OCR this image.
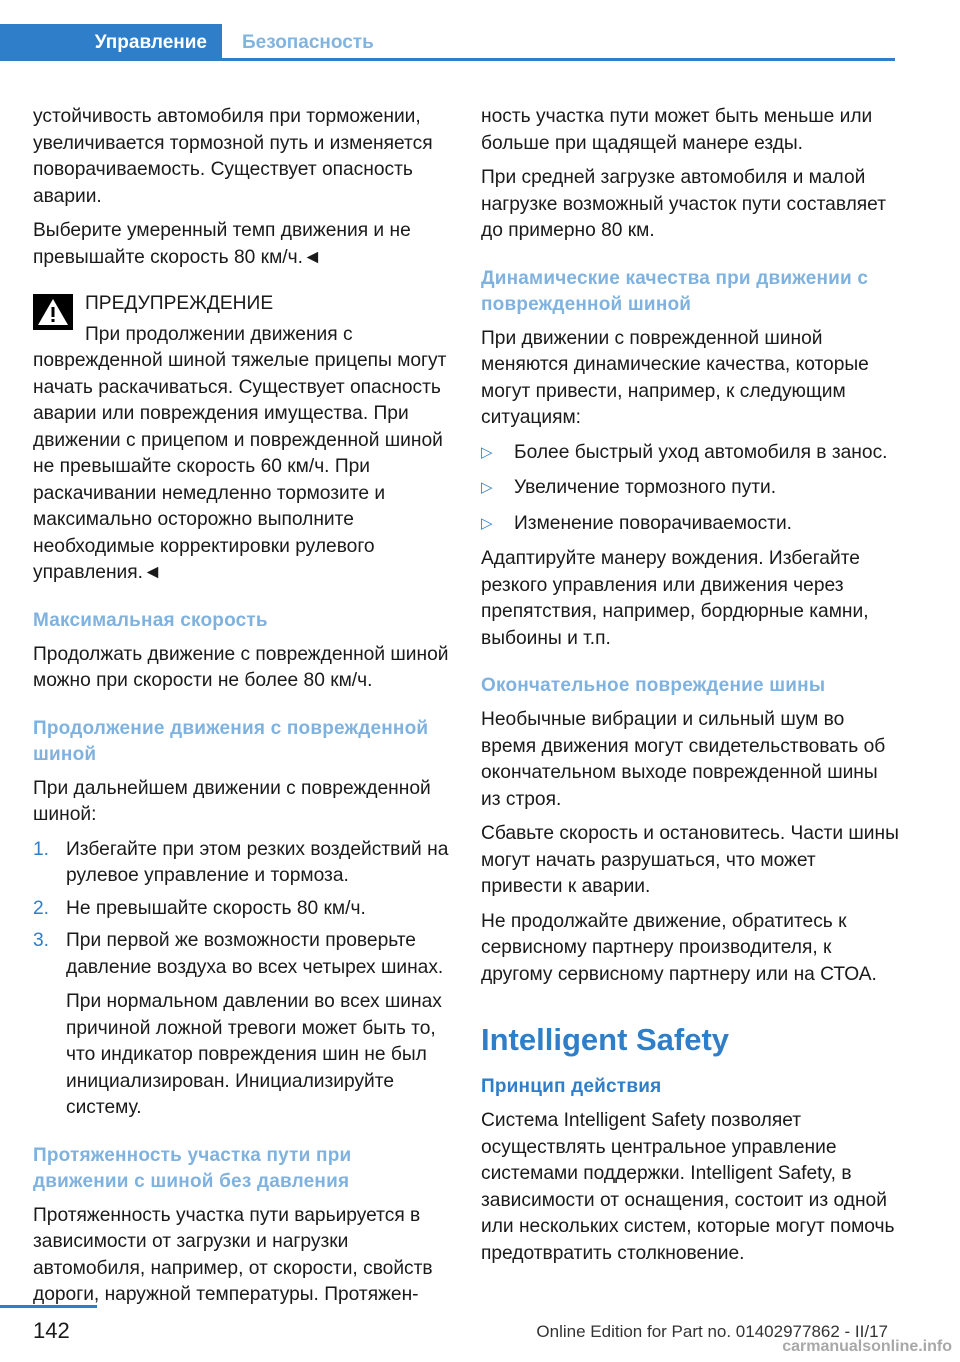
Управление	Безопасность

устойчивость автомобиля при торможении, увеличивается тормозной путь и изменяется поворачиваемость. Существует опасность аварии.

Выберите умеренный темп движения и не превышайте скорость 80 км/ч.◄

ПРЕДУПРЕЖДЕНИЕ

При продолжении движения с поврежденной шиной тяжелые прицепы могут начать раскачиваться. Существует опасность аварии или повреждения имущества. При движении с прицепом и поврежденной шиной не превышайте скорость 60 км/ч. При раскачивании немедленно тормозите и максимально осторожно выполните необходимые корректировки рулевого управления.◄

Максимальная скорость

Продолжать движение с поврежденной шиной можно при скорости не более 80 км/ч.

Продолжение движения с поврежденной шиной

При дальнейшем движении с поврежденной шиной:

1. Избегайте при этом резких воздействий на рулевое управление и тормоза.

2. Не превышайте скорость 80 км/ч.

3. При первой же возможности проверьте давление воздуха во всех четырех шинах.

При нормальном давлении во всех шинах причиной ложной тревоги может быть то, что индикатор повреждения шин не был инициализирован. Инициализируйте систему.

Протяженность участка пути при движении с шиной без давления

Протяженность участка пути варьируется в зависимости от загрузки и нагрузки автомобиля, например, от скорости, свойств дороги, наружной температуры. Протяжен-

ность участка пути может быть меньше или больше при щадящей манере езды.

При средней загрузке автомобиля и малой нагрузке возможный участок пути составляет до примерно 80 км.

Динамические качества при движении с поврежденной шиной

При движении с поврежденной шиной меняются динамические качества, которые могут привести, например, к следующим ситуациям:

▷ Более быстрый уход автомобиля в занос.
▷ Увеличение тормозного пути.
▷ Изменение поворачиваемости.

Адаптируйте манеру вождения. Избегайте резкого управления или движения через препятствия, например, бордюрные камни, выбоины и т.п.

Окончательное повреждение шины

Необычные вибрации и сильный шум во время движения могут свидетельствовать об окончательном выходе поврежденной шины из строя.

Сбавьте скорость и остановитесь. Части шины могут начать разрушаться, что может привести к аварии.

Не продолжайте движение, обратитесь к сервисному партнеру производителя, к другому сервисному партнеру или на СТОА.

Intelligent Safety
Принцип действия

Система Intelligent Safety позволяет осуществлять центральное управление системами поддержки. Intelligent Safety, в зависимости от оснащения, состоит из одной или нескольких систем, которые могут помочь предотвратить столкновение.

142	Online Edition for Part no. 01402977862 - II/17
carmanualsonline.info
